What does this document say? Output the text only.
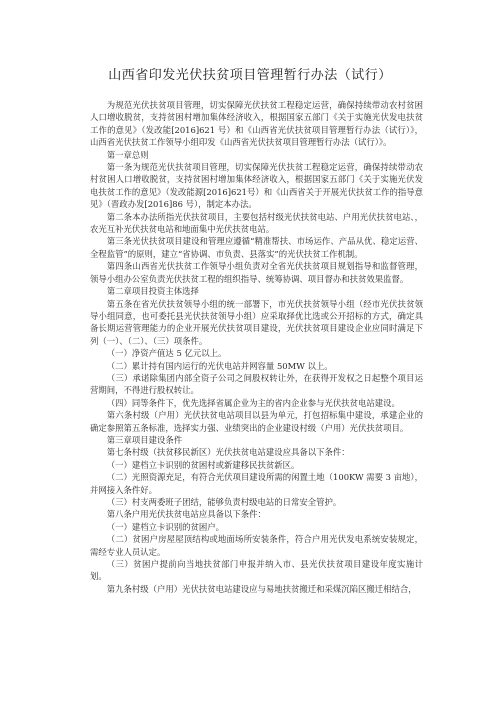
山西省印发光伏扶贫项目管理暂行办法（试行）

为规范光伏扶贫项目管理，切实保障光伏扶贫工程稳定运营，确保持续带动农村贫困人口增收脱贫，支持贫困村增加集体经济收入，根据国家五部门《关于实施光伏发电扶贫工作的意见》（发改能[2016]621 号）和《山西省光伏扶贫项目管理暂行办法（试行）》，山西省光伏扶贫工作领导小组印发《山西省光伏扶贫项目管理暂行办法（试行）》。

第一章总则

第一条为规范光伏扶贫项目管理，切实保障光伏扶贫工程稳定运营，确保持续带动农村贫困人口增收脱贫，支持贫困村增加集体经济收入，根据国家五部门《关于实施光伏发电扶贫工作的意见》（发改能源[2016]621号）和《山西省关于开展光伏扶贫工作的指导意见》（晋政办发[2016]86 号），制定本办法。

第二条本办法所指光伏扶贫项目，主要包括村级光伏扶贫电站、户用光伏扶贫电站、，农光互补光伏扶贫电站和地面集中光伏扶贫电站。

第三条光伏扶贫项目建设和管理应遵循“精准帮扶、市场运作、产品从优、稳定运营、全程监管”的原则，建立“省协调、市负责、县落实”的光伏扶贫工作机制。

第四条山西省光伏扶贫工作领导小组负责对全省光伏扶贫项目规划指导和监督管理，领导小组办公室负责光伏扶贫工程的组织指导、统筹协调、项目督办和扶贫效果监督。

第二章项目投资主体选择

第五条在省光伏扶贫领导小组的统一部署下，市光伏扶贫领导小组（经市光伏扶贫领导小组同意，也可委托县光伏扶贫领导小组）应采取择优比选或公开招标的方式，确定具备长期运营管理能力的企业开展光伏扶贫项目建设，光伏扶贫项目建设企业应同时满足下列（一）、（二）、（三）项条件。

（一）净资产值达 5 亿元以上。

（二）累计持有国内运行的光伏电站并网容量 50MW 以上。

（三）承诺除集团内部全资子公司之间股权转让外，在获得开发权之日起整个项目运营期间，不得进行股权转让。

（四）同等条件下，优先选择省属企业为主的省内企业参与光伏扶贫电站建设。

第六条村级（户用）光伏扶贫电站项目以县为单元，打包招标集中建设，承建企业的确定参照第五条标准，选择实力强、业绩突出的企业建设村级（户用）光伏扶贫项目。

第三章项目建设条件

第七条村级（扶贫移民新区）光伏扶贫电站建设应具备以下条件：

（一）建档立卡识别的贫困村或新建移民扶贫新区。

（二）光照资源充足，有符合光伏项目建设所需的闲置土地（100KW 需要 3 亩地），并网接入条件好。

（三）村支两委班子团结，能够负责村级电站的日常安全管护。

第八条户用光伏扶贫电站应具备以下条件：

（一）建档立卡识别的贫困户。

（二）贫困户房屋屋顶结构或地面场所安装条件，符合户用光伏发电系统安装规定，需经专业人员认定。

（三）贫困户提前向当地扶贫部门申报并纳入市、县光伏扶贫项目建设年度实施计划。

第九条村级（户用）光伏扶贫电站建设应与易地扶贫搬迁和采煤沉陷区搬迁相结合，
